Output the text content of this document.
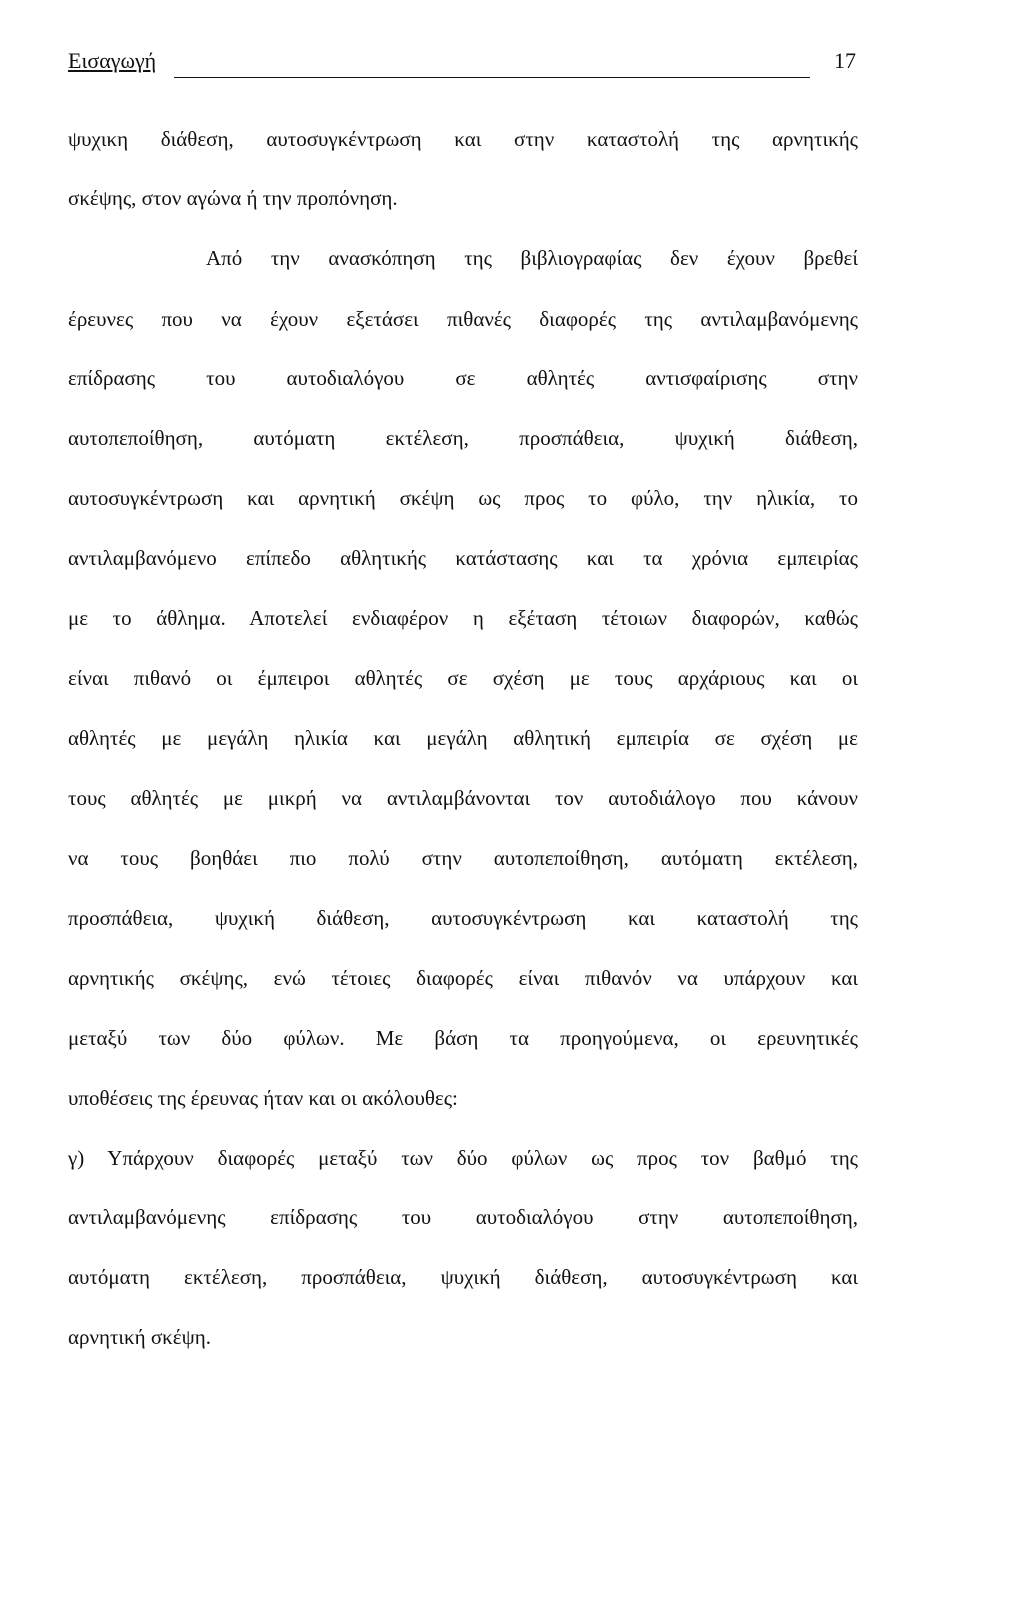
Εισαγωγή	17
ψυχικη διάθεση, αυτοσυγκέντρωση και στην καταστολή της αρνητικής
σκέψης, στον αγώνα ή την προπόνηση.
Από την ανασκόπηση της βιβλιογραφίας δεν έχουν βρεθεί
έρευνες που να έχουν εξετάσει πιθανές διαφορές της αντιλαμβανόμενης
επίδρασης του αυτοδιαλόγου σε αθλητές αντισφαίρισης στην
αυτοπεποίθηση, αυτόματη εκτέλεση, προσπάθεια, ψυχική διάθεση,
αυτοσυγκέντρωση και αρνητική σκέψη ως προς το φύλο, την ηλικία, το
αντιλαμβανόμενο επίπεδο αθλητικής κατάστασης και τα χρόνια εμπειρίας
με το άθλημα. Αποτελεί ενδιαφέρον η εξέταση τέτοιων διαφορών, καθώς
είναι πιθανό οι έμπειροι αθλητές σε σχέση με τους αρχάριους και οι
αθλητές με μεγάλη ηλικία και μεγάλη αθλητική εμπειρία σε σχέση με
τους αθλητές με μικρή να αντιλαμβάνονται τον αυτοδιάλογο που κάνουν
να τους βοηθάει πιο πολύ στην αυτοπεποίθηση, αυτόματη εκτέλεση,
προσπάθεια, ψυχική διάθεση, αυτοσυγκέντρωση και καταστολή της
αρνητικής σκέψης, ενώ τέτοιες διαφορές είναι πιθανόν να υπάρχουν και
μεταξύ των δύο φύλων. Με βάση τα προηγούμενα, οι ερευνητικές
υποθέσεις της έρευνας ήταν και οι ακόλουθες:
γ) Υπάρχουν διαφορές μεταξύ των δύο φύλων ως προς τον βαθμό της
αντιλαμβανόμενης επίδρασης του αυτοδιαλόγου στην αυτοπεποίθηση,
αυτόματη εκτέλεση, προσπάθεια, ψυχική διάθεση, αυτοσυγκέντρωση και
αρνητική σκέψη.
